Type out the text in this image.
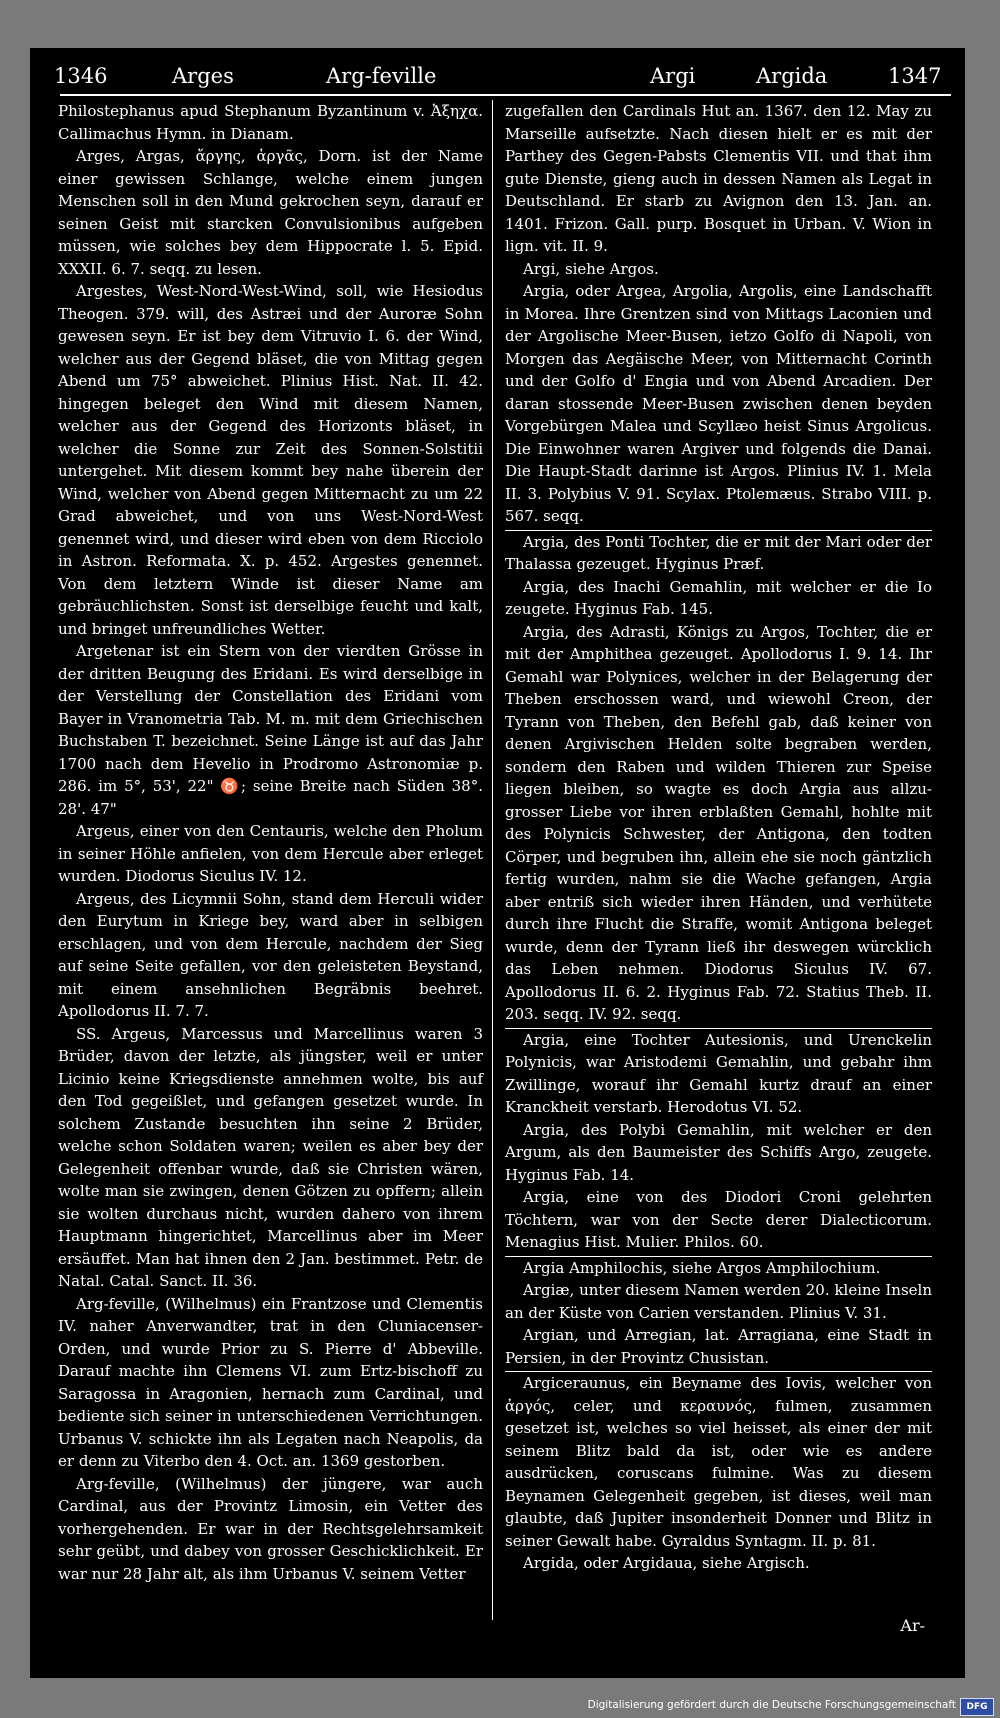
1346	Arges	Arg-feville	Argi	Argida	1347

Philostephanus apud Stephanum Byzantinum v. Ἀξηχα. Callimachus Hymn. in Dianam.

Arges, Argas, ἄργης, ἀργᾶς, Dorn. ist der Name einer gewissen Schlange, welche einem jungen Menschen soll in den Mund gekrochen seyn, darauf er seinen Geist mit starcken Convulsionibus aufgeben müssen, wie solches bey dem Hippocrate l. 5. Epid. XXXII. 6. 7. seqq. zu lesen.

Argestes, West-Nord-West-Wind, soll, wie Hesiodus Theogen. 379. will, des Astræi und der Auroræ Sohn gewesen seyn. Er ist bey dem Vitruvio I. 6. der Wind, welcher aus der Gegend bläset, die von Mittag gegen Abend um 75° abweichet. Plinius Hist. Nat. II. 42. hingegen beleget den Wind mit diesem Namen, welcher aus der Gegend des Horizonts bläset, in welcher die Sonne zur Zeit des Sonnen-Solstitii untergehet. Mit diesem kommt bey nahe überein der Wind, welcher von Abend gegen Mitternacht zu um 22 Grad abweichet, und von uns West-Nord-West genennet wird, und dieser wird eben von dem Ricciolo in Astron. Reformata. X. p. 452. Argestes genennet. Von dem letztern Winde ist dieser Name am gebräuchlichsten. Sonst ist derselbige feucht und kalt, und bringet unfreundliches Wetter.

Argetenar ist ein Stern von der vierdten Grösse in der dritten Beugung des Eridani. Es wird derselbige in der Verstellung der Constellation des Eridani vom Bayer in Vranometria Tab. M. m. mit dem Griechischen Buchstaben T. bezeichnet. Seine Länge ist auf das Jahr 1700 nach dem Hevelio in Prodromo Astronomiæ p. 286. im 5°, 53', 22" ♉; seine Breite nach Süden 38°. 28'. 47"

Argeus, einer von den Centauris, welche den Pholum in seiner Höhle anfielen, von dem Hercule aber erleget wurden. Diodorus Siculus IV. 12.

Argeus, des Licymnii Sohn, stand dem Herculi wider den Eurytum in Kriege bey, ward aber in selbigen erschlagen, und von dem Hercule, nachdem der Sieg auf seine Seite gefallen, vor den geleisteten Beystand, mit einem ansehnlichen Begräbnis beehret. Apollodorus II. 7. 7.

SS. Argeus, Marcessus und Marcellinus waren 3 Brüder, davon der letzte, als jüngster, weil er unter Licinio keine Kriegsdienste annehmen wolte, bis auf den Tod gegeißlet, und gefangen gesetzet wurde. In solchem Zustande besuchten ihn seine 2 Brüder, welche schon Soldaten waren; weilen es aber bey der Gelegenheit offenbar wurde, daß sie Christen wären, wolte man sie zwingen, denen Götzen zu opffern; allein sie wolten durchaus nicht, wurden dahero von ihrem Hauptmann hingerichtet, Marcellinus aber im Meer ersäuffet. Man hat ihnen den 2 Jan. bestimmet. Petr. de Natal. Catal. Sanct. II. 36.

Arg-feville, (Wilhelmus) ein Frantzose und Clementis IV. naher Anverwandter, trat in den Cluniacenser-Orden, und wurde Prior zu S. Pierre d' Abbeville. Darauf machte ihn Clemens VI. zum Ertz-bischoff zu Saragossa in Aragonien, hernach zum Cardinal, und bediente sich seiner in unterschiedenen Verrichtungen. Urbanus V. schickte ihn als Legaten nach Neapolis, da er denn zu Viterbo den 4. Oct. an. 1369 gestorben.

Arg-feville, (Wilhelmus) der jüngere, war auch Cardinal, aus der Provintz Limosin, ein Vetter des vorhergehenden. Er war in der Rechtsgelehrsamkeit sehr geübt, und dabey von grosser Geschicklichkeit. Er war nur 28 Jahr alt, als ihm Urbanus V. seinem Vetter

zugefallen den Cardinals Hut an. 1367. den 12. May zu Marseille aufsetzte. Nach diesen hielt er es mit der Parthey des Gegen-Pabsts Clementis VII. und that ihm gute Dienste, gieng auch in dessen Namen als Legat in Deutschland. Er starb zu Avignon den 13. Jan. an. 1401. Frizon. Gall. purp. Bosquet in Urban. V. Wion in lign. vit. II. 9.

Argi, siehe Argos.

Argia, oder Argea, Argolia, Argolis, eine Landschafft in Morea. Ihre Grentzen sind von Mittags Laconien und der Argolische Meer-Busen, ietzo Golfo di Napoli, von Morgen das Aegäische Meer, von Mitternacht Corinth und der Golfo d' Engia und von Abend Arcadien. Der daran stossende Meer-Busen zwischen denen beyden Vorgebürgen Malea und Scyllæo heist Sinus Argolicus. Die Einwohner waren Argiver und folgends die Danai. Die Haupt-Stadt darinne ist Argos. Plinius IV. 1. Mela II. 3. Polybius V. 91. Scylax. Ptolemæus. Strabo VIII. p. 567. seqq.

Argia, des Ponti Tochter, die er mit der Mari oder der Thalassa gezeuget. Hyginus Præf.

Argia, des Inachi Gemahlin, mit welcher er die Io zeugete. Hyginus Fab. 145.

Argia, des Adrasti, Königs zu Argos, Tochter, die er mit der Amphithea gezeuget. Apollodorus I. 9. 14. Ihr Gemahl war Polynices, welcher in der Belagerung der Theben erschossen ward, und wiewohl Creon, der Tyrann von Theben, den Befehl gab, daß keiner von denen Argivischen Helden solte begraben werden, sondern den Raben und wilden Thieren zur Speise liegen bleiben, so wagte es doch Argia aus allzu-grosser Liebe vor ihren erblaßten Gemahl, hohlte mit des Polynicis Schwester, der Antigona, den todten Cörper, und begruben ihn, allein ehe sie noch gäntzlich fertig wurden, nahm sie die Wache gefangen, Argia aber entriß sich wieder ihren Händen, und verhütete durch ihre Flucht die Straffe, womit Antigona beleget wurde, denn der Tyrann ließ ihr deswegen würcklich das Leben nehmen. Diodorus Siculus IV. 67. Apollodorus II. 6. 2. Hyginus Fab. 72. Statius Theb. II. 203. seqq. IV. 92. seqq.

Argia, eine Tochter Autesionis, und Urenckelin Polynicis, war Aristodemi Gemahlin, und gebahr ihm Zwillinge, worauf ihr Gemahl kurtz drauf an einer Kranckheit verstarb. Herodotus VI. 52.

Argia, des Polybi Gemahlin, mit welcher er den Argum, als den Baumeister des Schiffs Argo, zeugete. Hyginus Fab. 14.

Argia, eine von des Diodori Croni gelehrten Töchtern, war von der Secte derer Dialecticorum. Menagius Hist. Mulier. Philos. 60.

Argia Amphilochis, siehe Argos Amphilochium.

Argiæ, unter diesem Namen werden 20. kleine Inseln an der Küste von Carien verstanden. Plinius V. 31.

Argian, und Arregian, lat. Arragiana, eine Stadt in Persien, in der Provintz Chusistan.

Argiceraunus, ein Beyname des Iovis, welcher von ἀργός, celer, und κεραυνός, fulmen, zusammen gesetzet ist, welches so viel heisset, als einer der mit seinem Blitz bald da ist, oder wie es andere ausdrücken, coruscans fulmine. Was zu diesem Beynamen Gelegenheit gegeben, ist dieses, weil man glaubte, daß Jupiter insonderheit Donner und Blitz in seiner Gewalt habe. Gyraldus Syntagm. II. p. 81.

Argida, oder Argidaua, siehe Argisch.

Ar-
Digitalisierung gefördert durch die Deutsche Forschungsgemeinschaft	DFG
